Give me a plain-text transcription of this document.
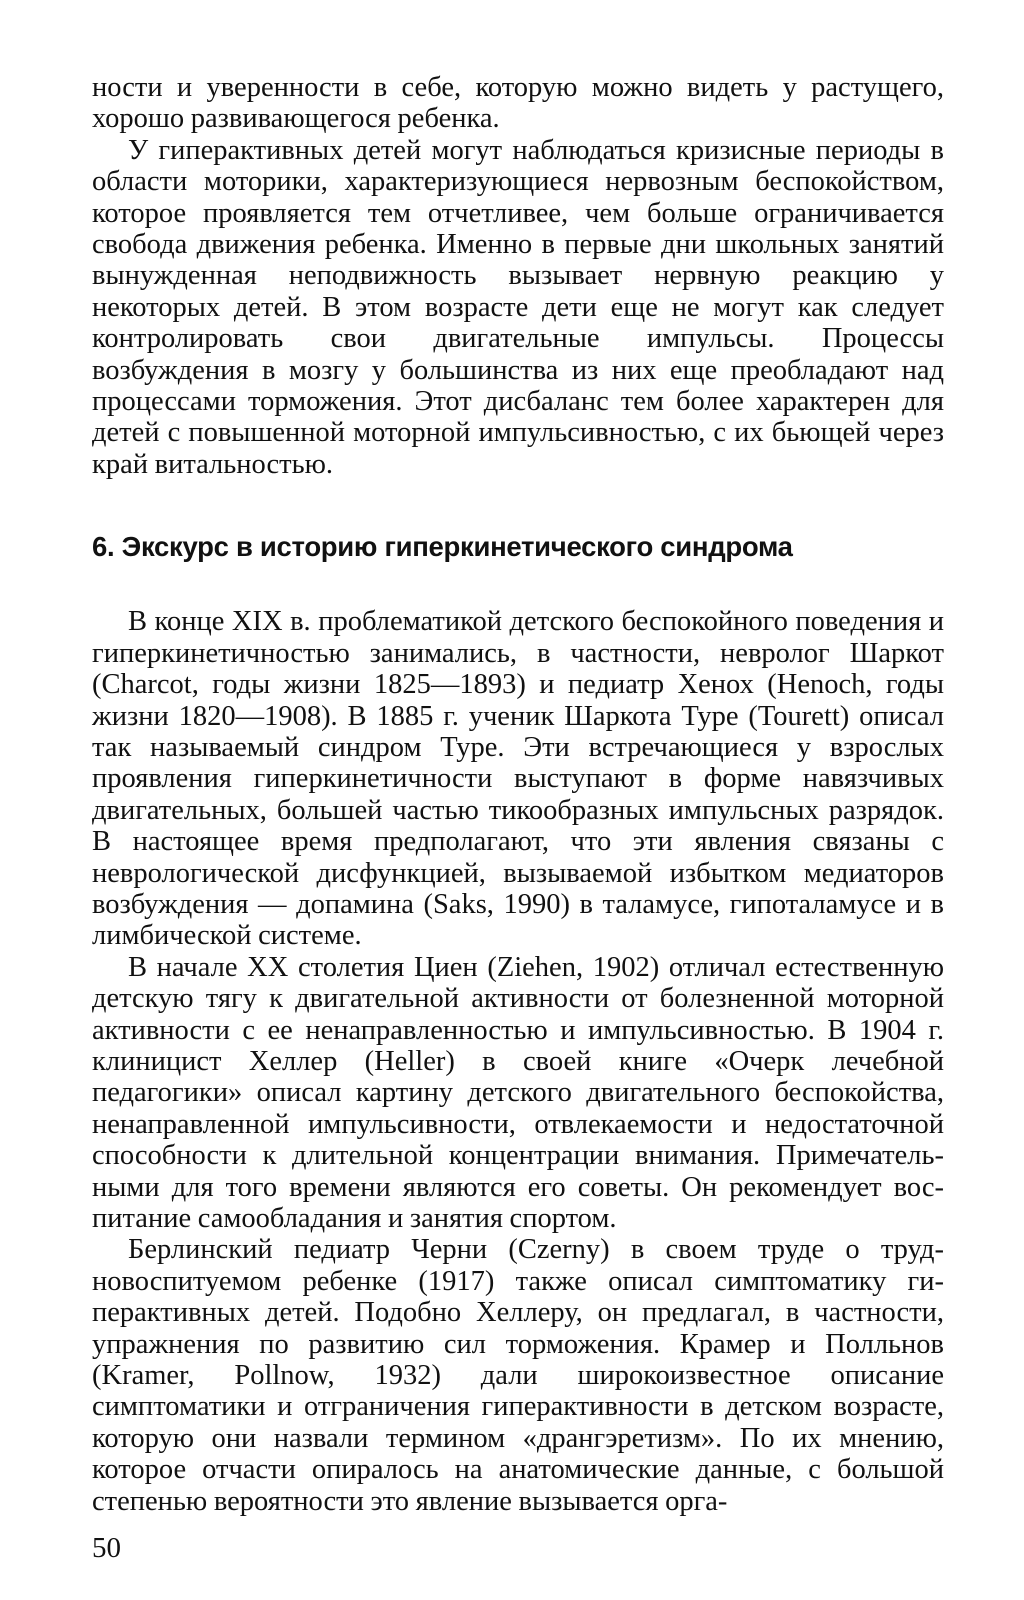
ности и уверенности в себе, которую можно видеть у растущего, хорошо развивающегося ребенка.

У гиперактивных детей могут наблюдаться кризисные периоды в области моторики, характеризующиеся нервозным беспокойством, которое проявляется тем отчетливее, чем больше ограничивается свобода движения ребенка. Именно в первые дни школьных занятий вынужденная неподвижность вызывает нервную реакцию у некоторых детей. В этом возрасте дети еще не могут как следует контролировать свои двигательные импульсы. Процессы возбуждения в мозгу у большинства из них еще преобладают над процессами торможения. Этот дисбаланс тем более характерен для детей с повышенной моторной импульсивностью, с их бьющей через край витальностью.

6. Экскурс в историю гиперкинетического синдрома

В конце XIX в. проблематикой детского беспокойного поведения и гиперкинетичностью занимались, в частности, невролог Шаркот (Charcot, годы жизни 1825—1893) и педиатр Хенох (Henoch, годы жизни 1820—1908). В 1885 г. ученик Шаркота Туре (Tourett) описал так называемый синдром Туре. Эти встречающиеся у взрослых проявления гиперкинетичности выступают в форме навязчивых двигательных, большей частью тикообразных импульсных разрядок. В настоящее время предполагают, что эти явления связаны с неврологической дисфункцией, вызываемой избытком медиаторов возбуждения — допамина (Saks, 1990) в таламусе, гипоталамусе и в лимбической системе.

В начале XX столетия Циен (Ziehen, 1902) отличал естественную детскую тягу к двигательной активности от болезненной моторной активности с ее ненаправленностью и импульсивностью. В 1904 г. клиницист Хеллер (Heller) в своей книге «Очерк лечебной педагогики» описал картину детского двигательного беспокойства, ненаправленной импульсивности, отвлекаемости и недостаточной способности к длительной концентрации внимания. Примечательными для того времени являются его советы. Он рекомендует воспитание самообладания и занятия спортом.

Берлинский педиатр Черни (Czerny) в своем труде о трудновоспитуемом ребенке (1917) также описал симптоматику гиперактивных детей. Подобно Хеллеру, он предлагал, в частности, упражнения по развитию сил торможения. Крамер и Полльнов (Kramer, Pollnow, 1932) дали широкоизвестное описание симптоматики и отграничения гиперактивности в детском возрасте, которую они назвали термином «дрангэретизм». По их мнению, которое отчасти опиралось на анатомические данные, с большой степенью вероятности это явление вызывается орга-

50
